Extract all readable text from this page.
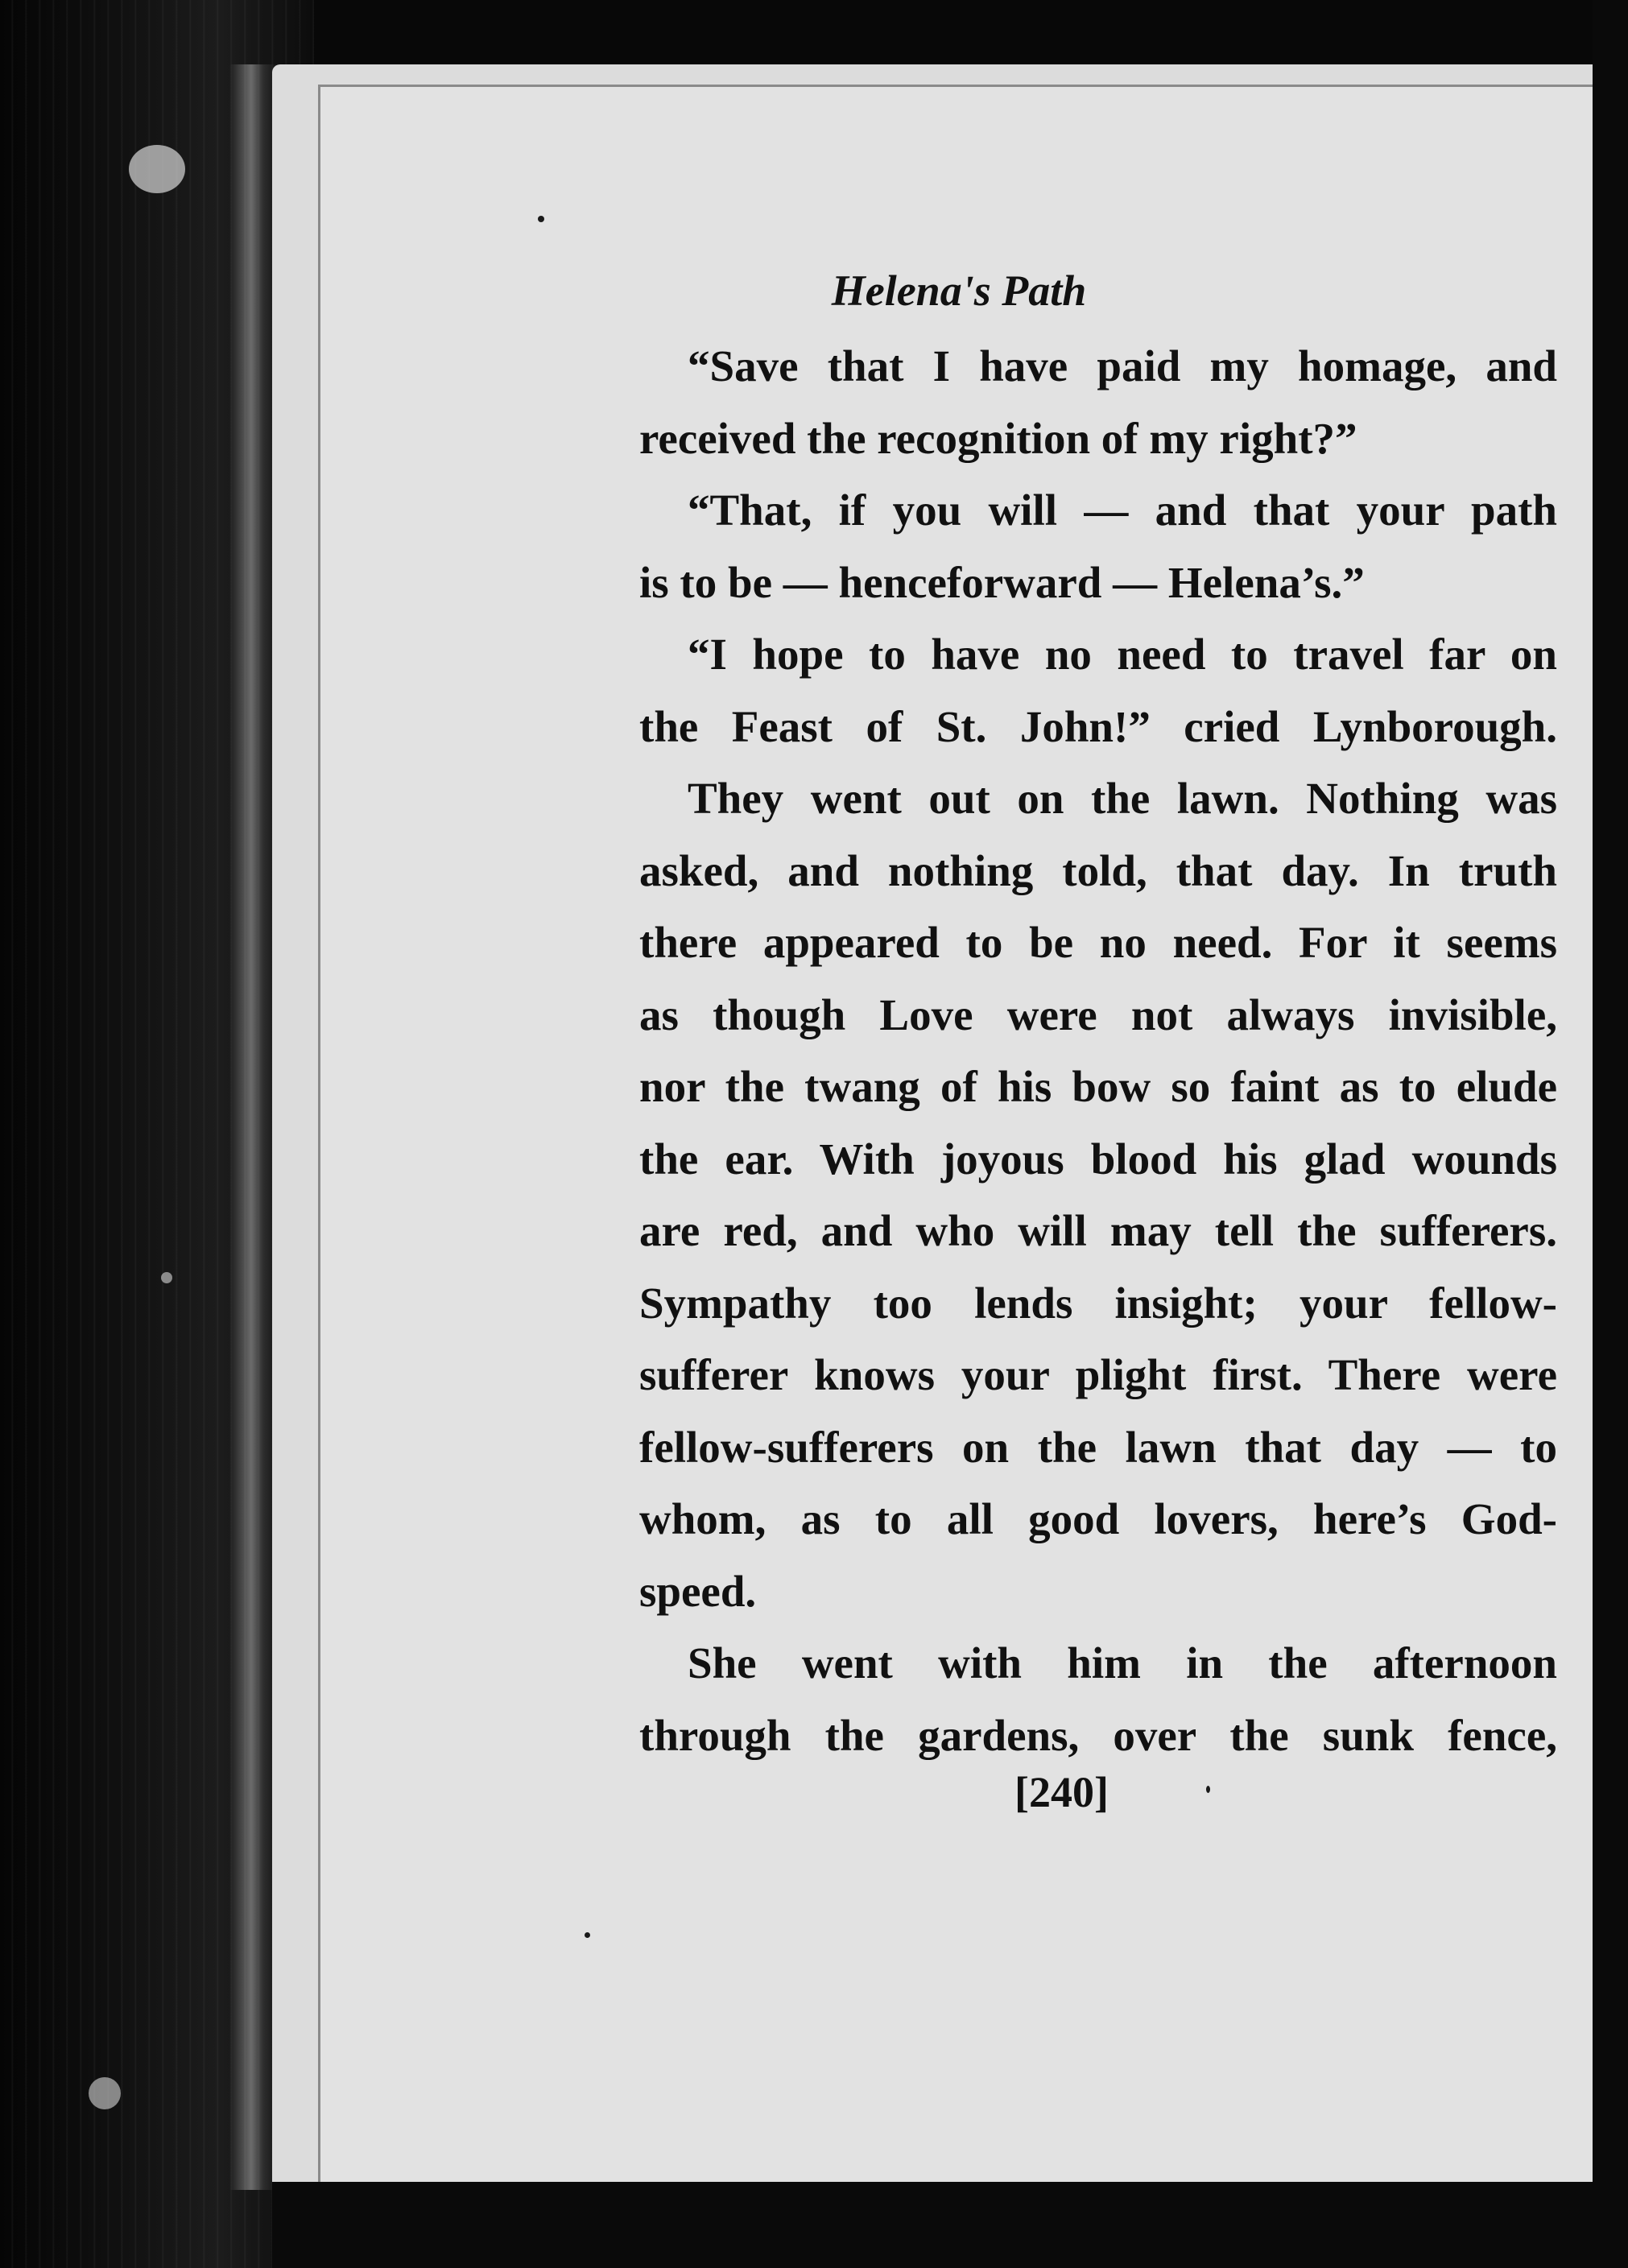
Helena's Path
“Save that I have paid my homage, and
received the recognition of my right?”
“That, if you will — and that your path
is to be — henceforward — Helena’s.”
“I hope to have no need to travel far on
the Feast of St. John!” cried Lynborough.
They went out on the lawn. Nothing was
asked, and nothing told, that day. In truth
there appeared to be no need. For it seems
as though Love were not always invisible,
nor the twang of his bow so faint as to elude
the ear. With joyous blood his glad wounds
are red, and who will may tell the sufferers.
Sympathy too lends insight; your fellow-
sufferer knows your plight first. There were
fellow-sufferers on the lawn that day — to
whom, as to all good lovers, here’s God-
speed.
She went with him in the afternoon
through the gardens, over the sunk fence,
[240]
